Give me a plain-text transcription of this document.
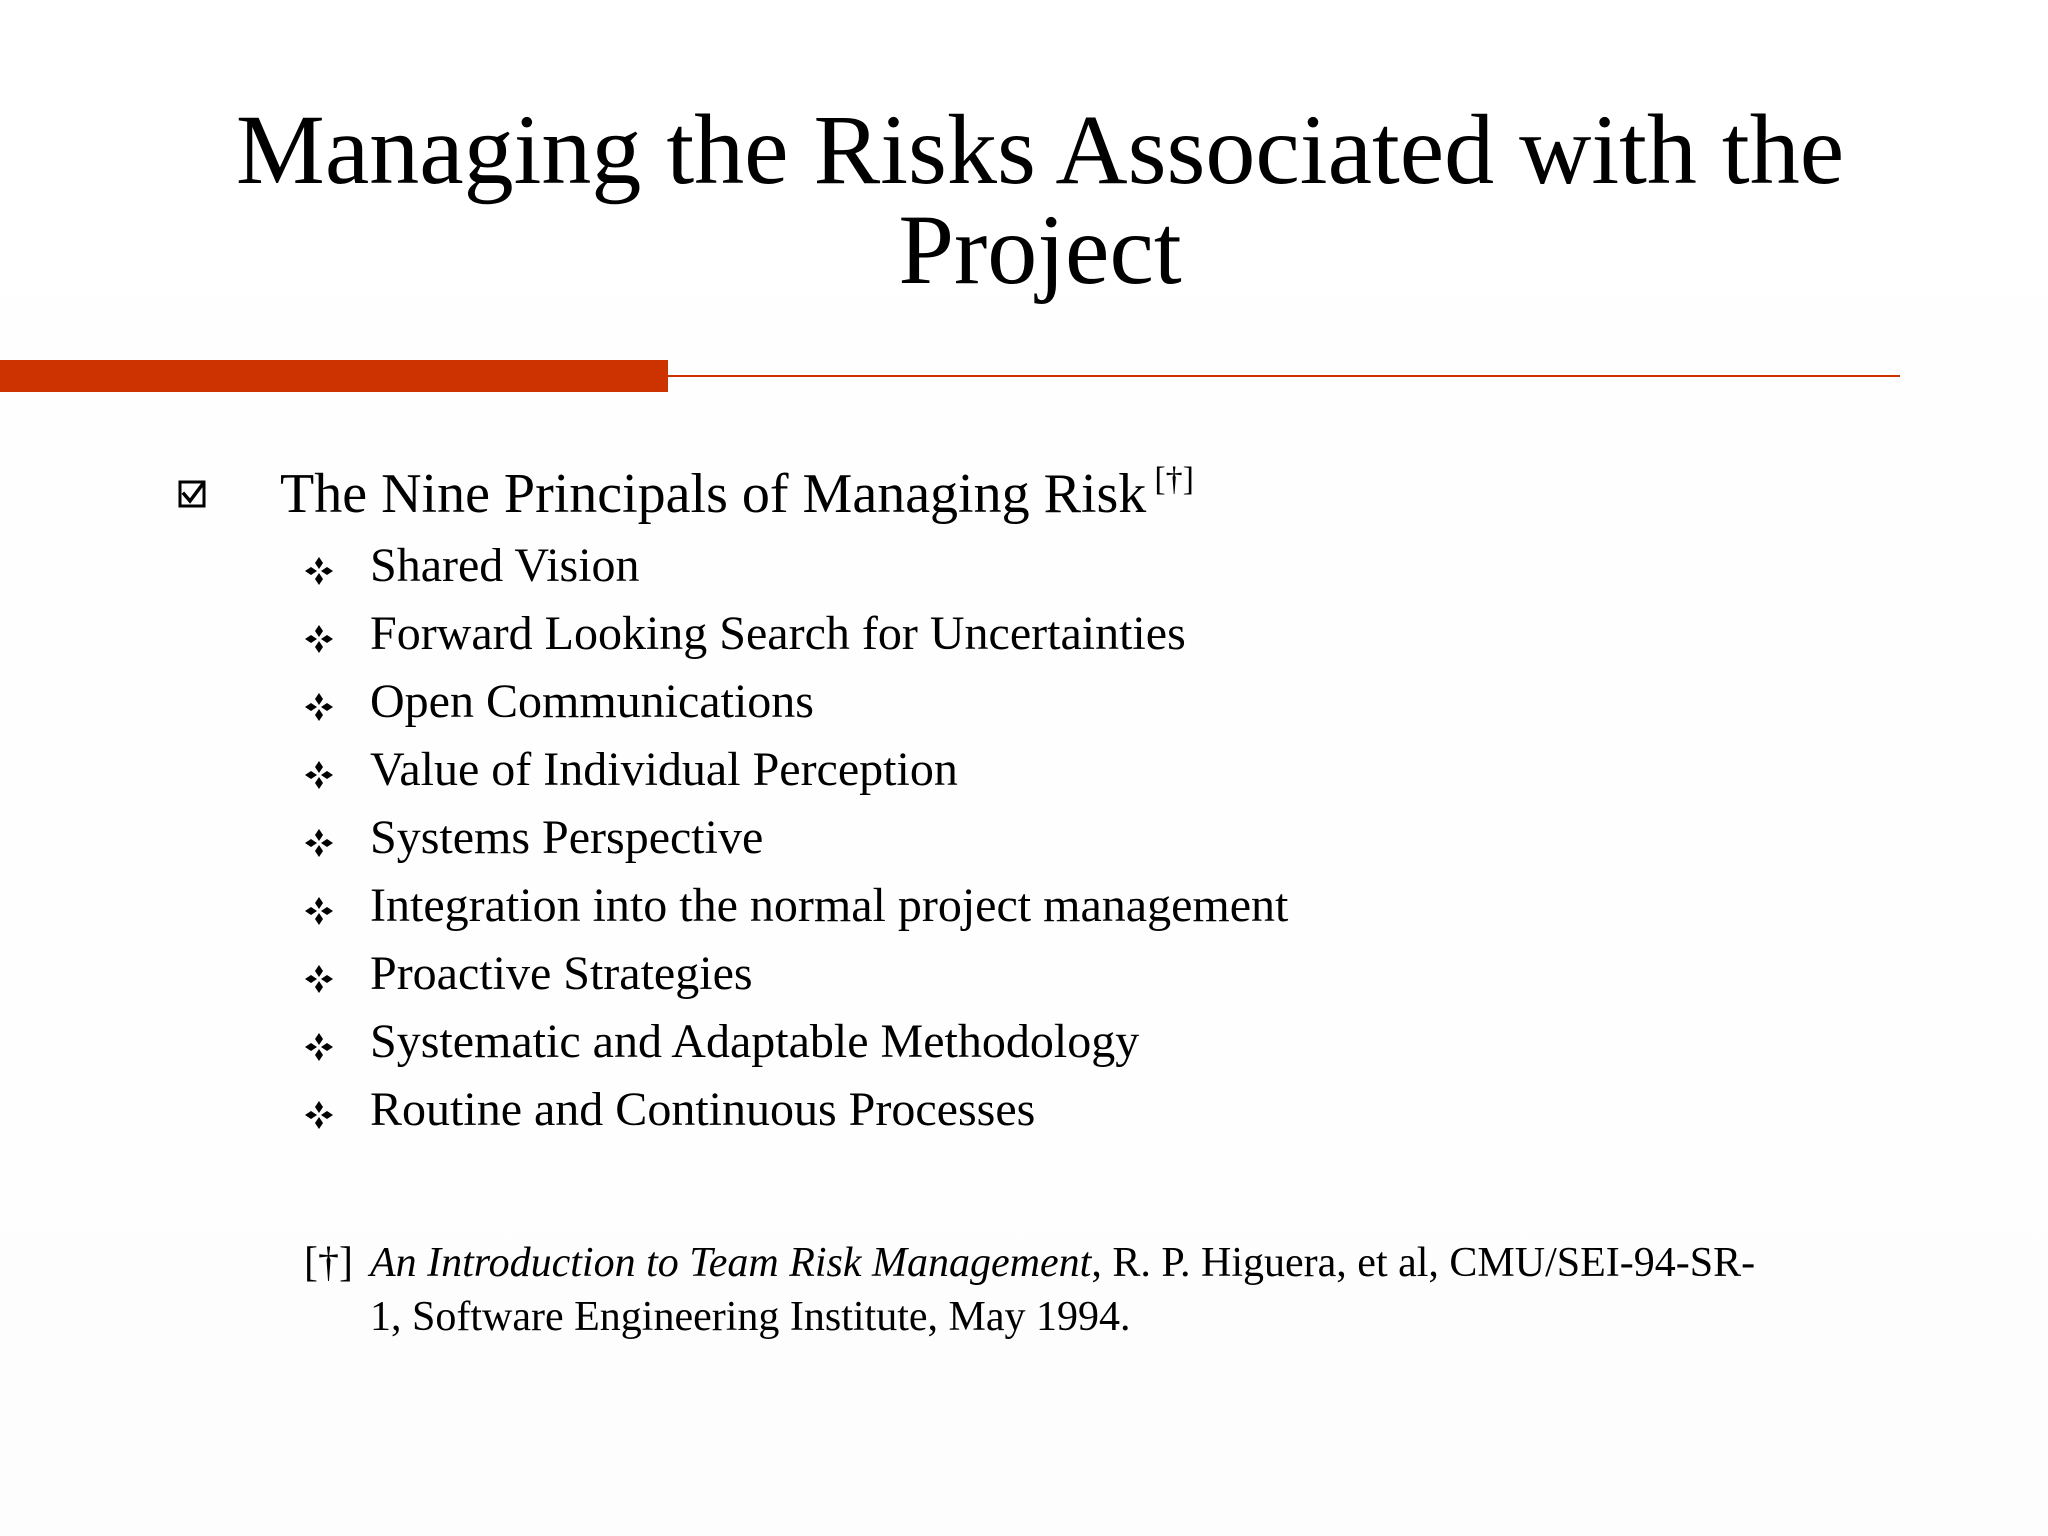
Managing the Risks Associated with the
Project
The Nine Principals of Managing Risk [†]
Shared Vision
Forward Looking Search for Uncertainties
Open Communications
Value of Individual Perception
Systems Perspective
Integration into the normal project management
Proactive Strategies
Systematic and Adaptable Methodology
Routine and Continuous Processes
[†] An Introduction to Team Risk Management, R. P. Higuera, et al, CMU/SEI-94-SR-
1, Software Engineering Institute, May 1994.
